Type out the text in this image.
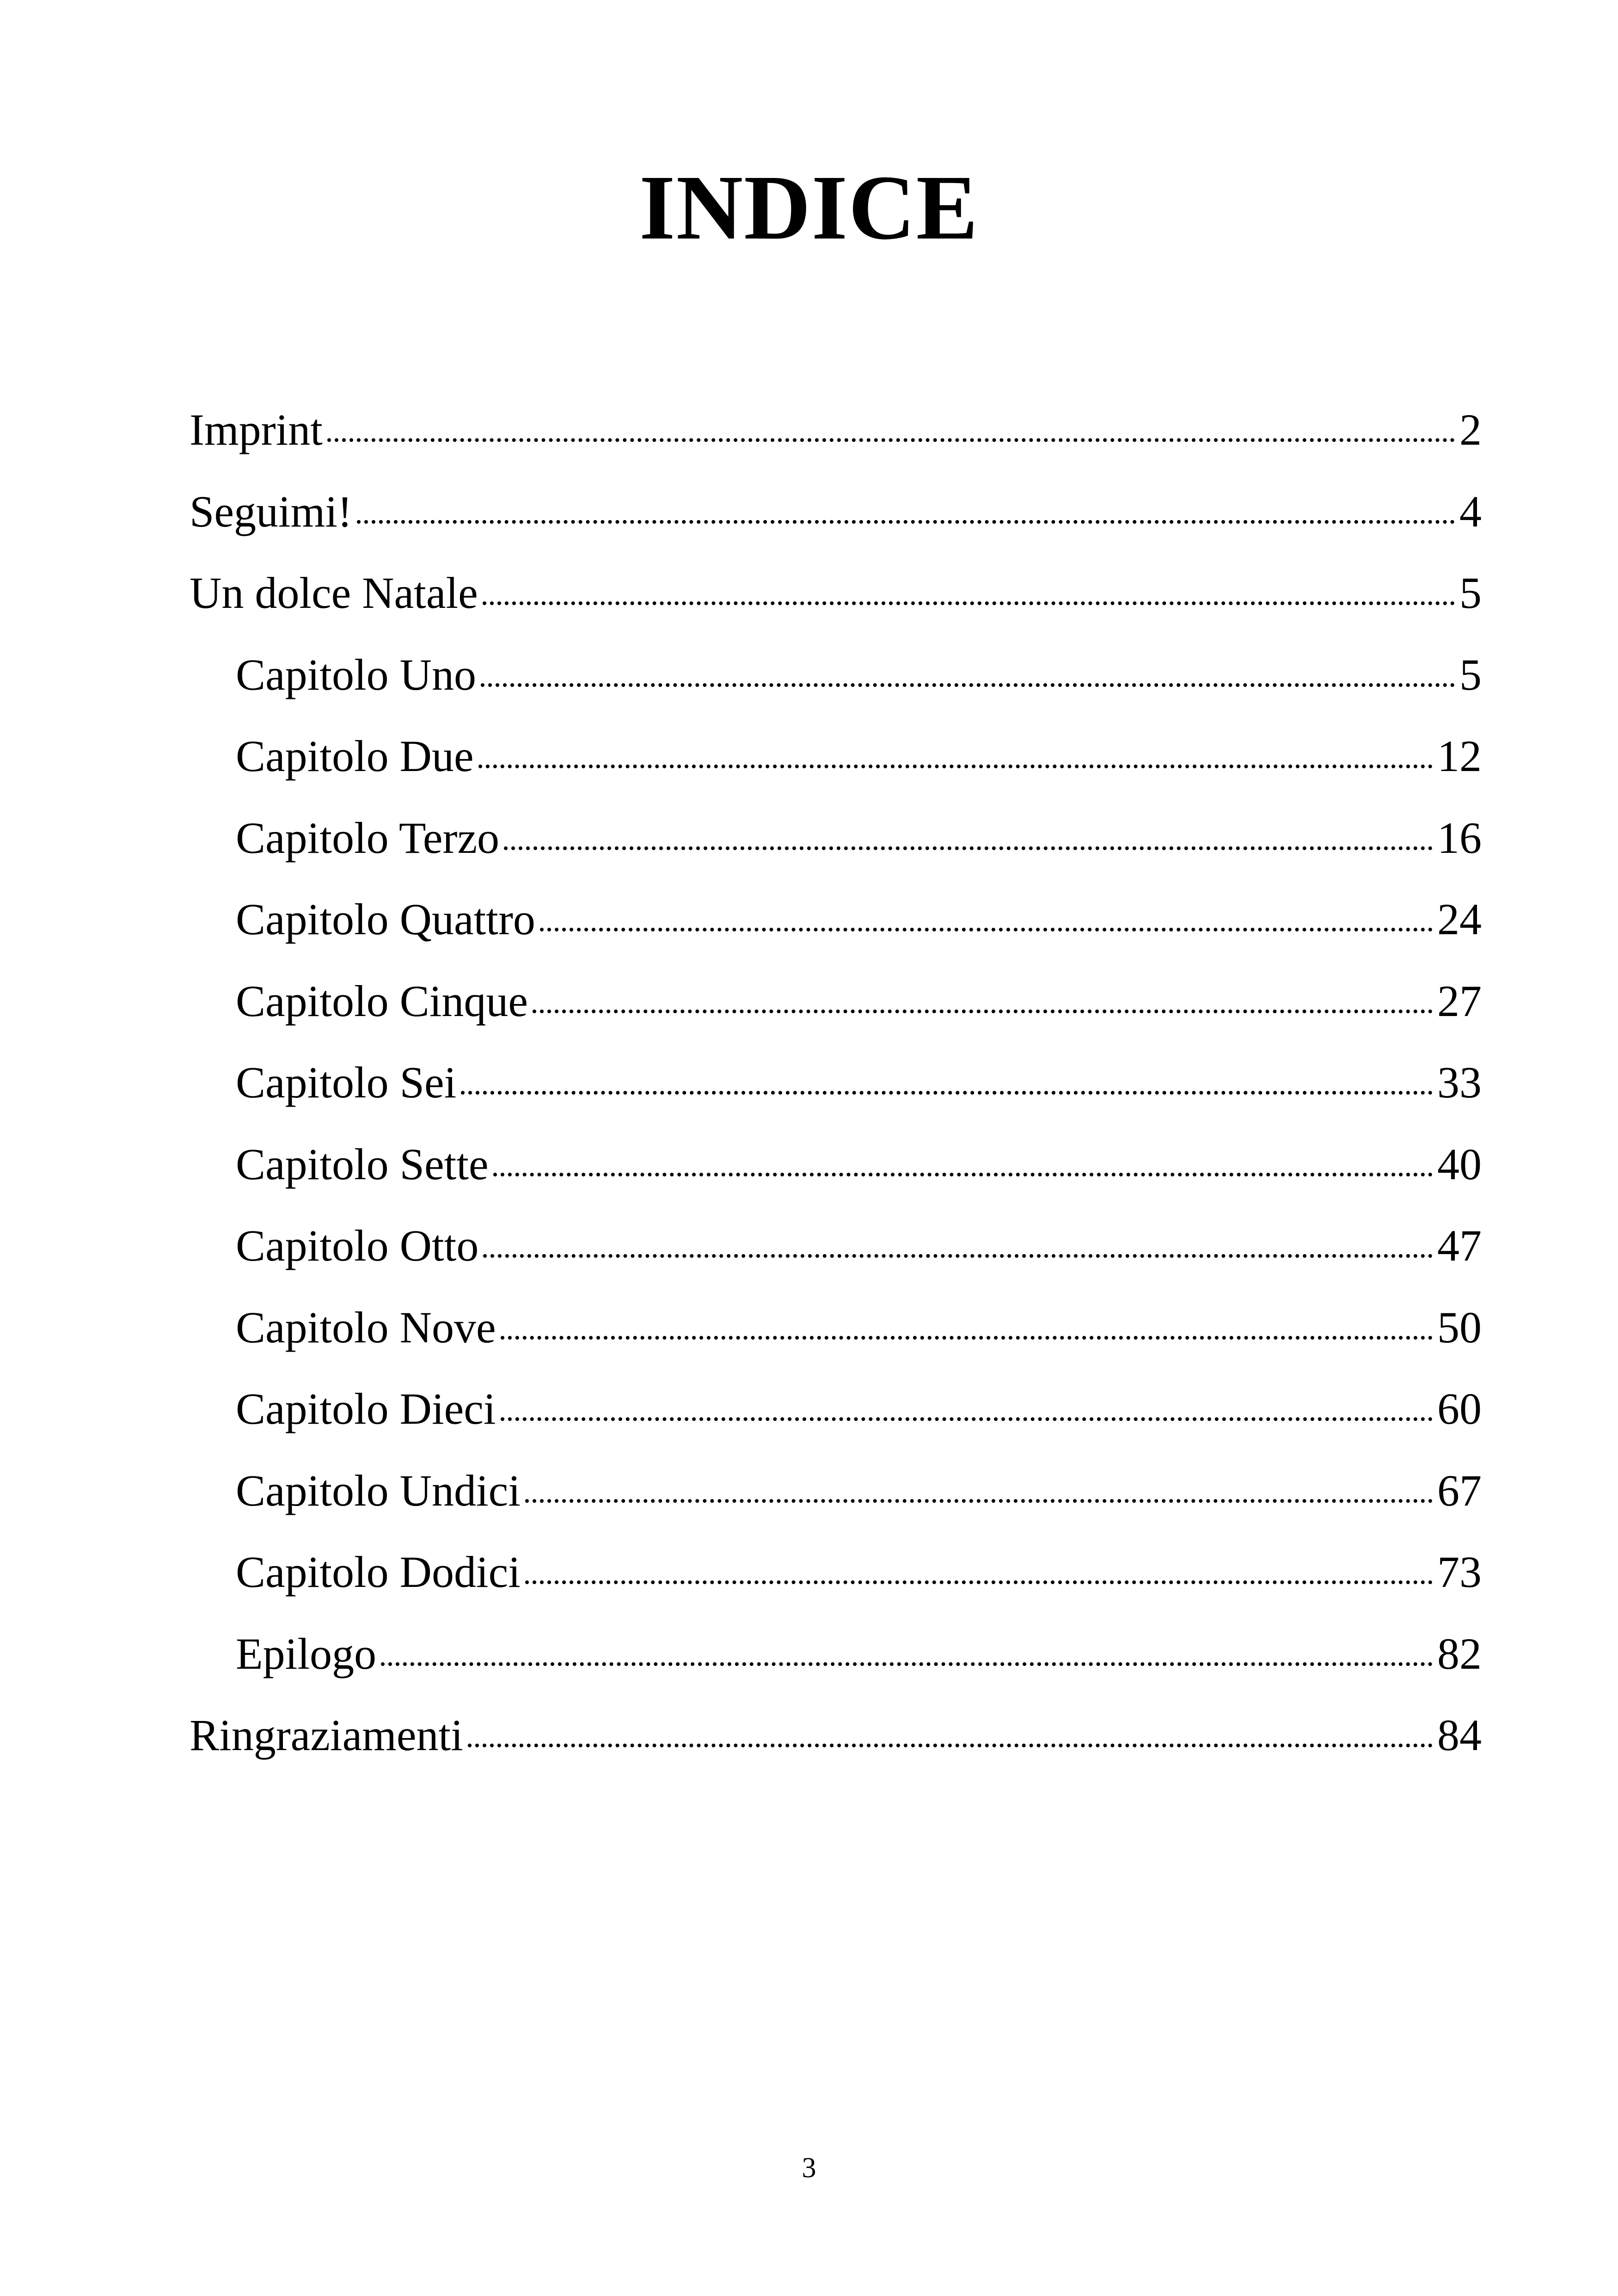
INDICE
Imprint	2
Seguimi!	4
Un dolce Natale	5
Capitolo Uno	5
Capitolo Due	12
Capitolo Terzo	16
Capitolo Quattro	24
Capitolo Cinque	27
Capitolo Sei	33
Capitolo Sette	40
Capitolo Otto	47
Capitolo Nove	50
Capitolo Dieci	60
Capitolo Undici	67
Capitolo Dodici	73
Epilogo	82
Ringraziamenti	84
3
